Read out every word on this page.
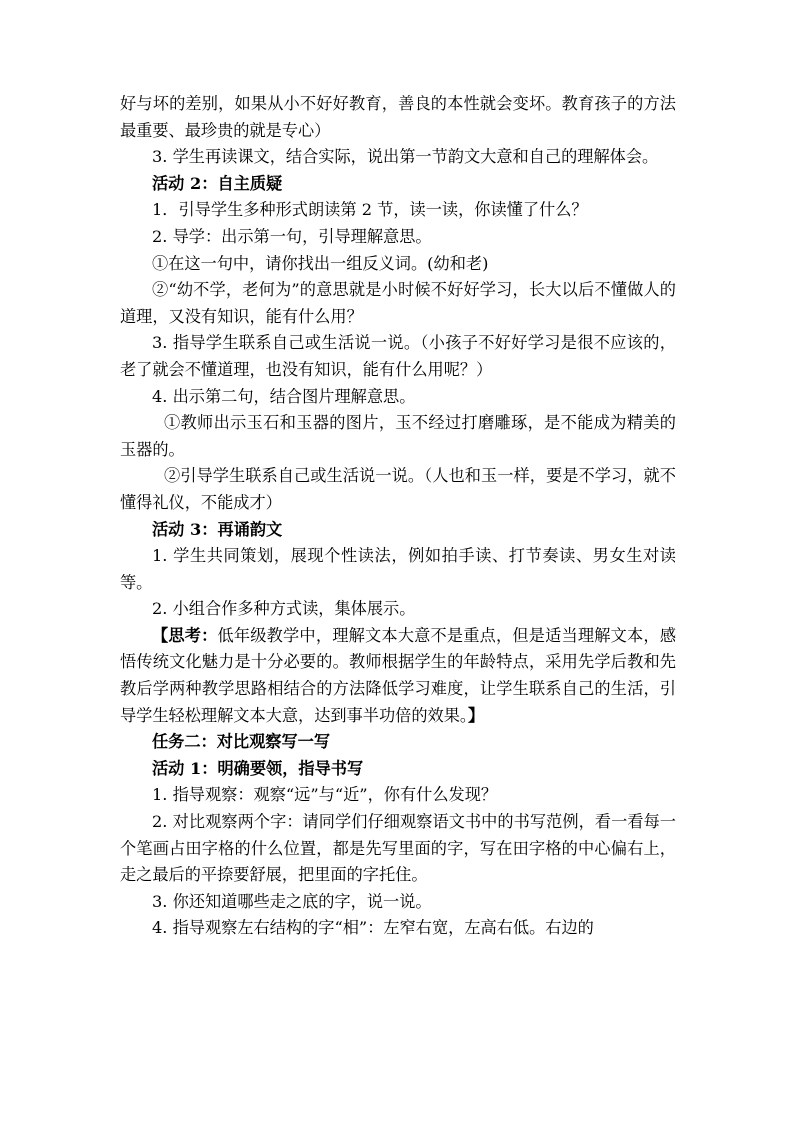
好与坏的差别，如果从小不好好教育，善良的本性就会变坏。教育孩子的方法最重要、最珍贵的就是专心）

3. 学生再读课文，结合实际，说出第一节韵文大意和自己的理解体会。

活动 2：自主质疑

1．引导学生多种形式朗读第 2 节，读一读，你读懂了什么？

2. 导学：出示第一句，引导理解意思。

①在这一句中，请你找出一组反义词。(幼和老)

②“幼不学，老何为”的意思就是小时候不好好学习，长大以后不懂做人的道理，又没有知识，能有什么用？

3. 指导学生联系自己或生活说一说。（小孩子不好好学习是很不应该的，老了就会不懂道理，也没有知识，能有什么用呢？）

4. 出示第二句，结合图片理解意思。

①教师出示玉石和玉器的图片，玉不经过打磨雕琢，是不能成为精美的玉器的。

②引导学生联系自己或生活说一说。（人也和玉一样，要是不学习，就不懂得礼仪，不能成才）

活动 3：再诵韵文

1. 学生共同策划，展现个性读法，例如拍手读、打节奏读、男女生对读等。

2. 小组合作多种方式读，集体展示。

【思考：低年级教学中，理解文本大意不是重点，但是适当理解文本，感悟传统文化魅力是十分必要的。教师根据学生的年龄特点，采用先学后教和先教后学两种教学思路相结合的方法降低学习难度，让学生联系自己的生活，引导学生轻松理解文本大意，达到事半功倍的效果。】

任务二：对比观察写一写

活动 1：明确要领，指导书写

1. 指导观察：观察“远”与“近”，你有什么发现？

2. 对比观察两个字：请同学们仔细观察语文书中的书写范例，看一看每一个笔画占田字格的什么位置，都是先写里面的字，写在田字格的中心偏右上，走之最后的平捺要舒展，把里面的字托住。

3. 你还知道哪些走之底的字，说一说。

4. 指导观察左右结构的字“相”：左窄右宽，左高右低。右边的
